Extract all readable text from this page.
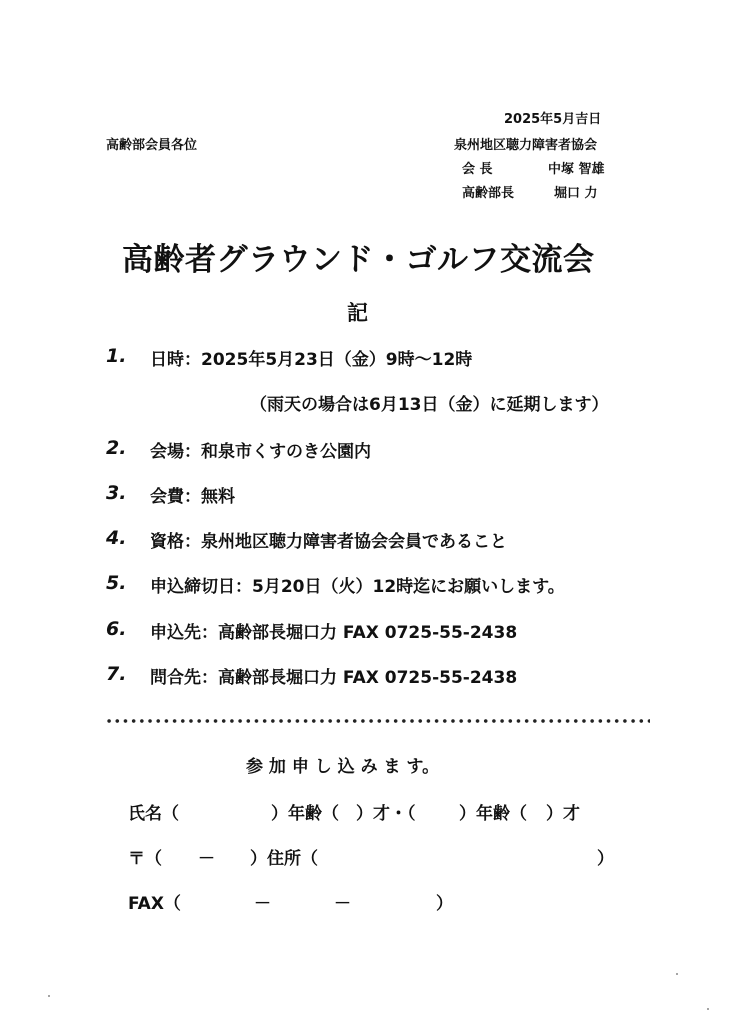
2025年5月吉日
高齢部会員各位	泉州地区聴力障害者協会
会 長	中塚 智雄
高齢部長	堀口 力
高齢者グラウンド・ゴルフ交流会
記
1. 日時：2025年5月23日（金）9時～12時
（雨天の場合は6月13日（金）に延期します）
2. 会場：和泉市くすのき公園内
3. 会費：無料
4. 資格：泉州地区聴力障害者協会会員であること
5. 申込締切日：5月20日（火）12時迄にお願いします。
6. 申込先：高齢部長堀口力 FAX 0725-55-2438
7. 問合先：高齢部長堀口力 FAX 0725-55-2438
参 加 申 し 込 み ま す。
氏名（	）年齢（ ）才・（	）年齢（ ）才
〒（ － ）住所（	）
FAX（	－	－	）
